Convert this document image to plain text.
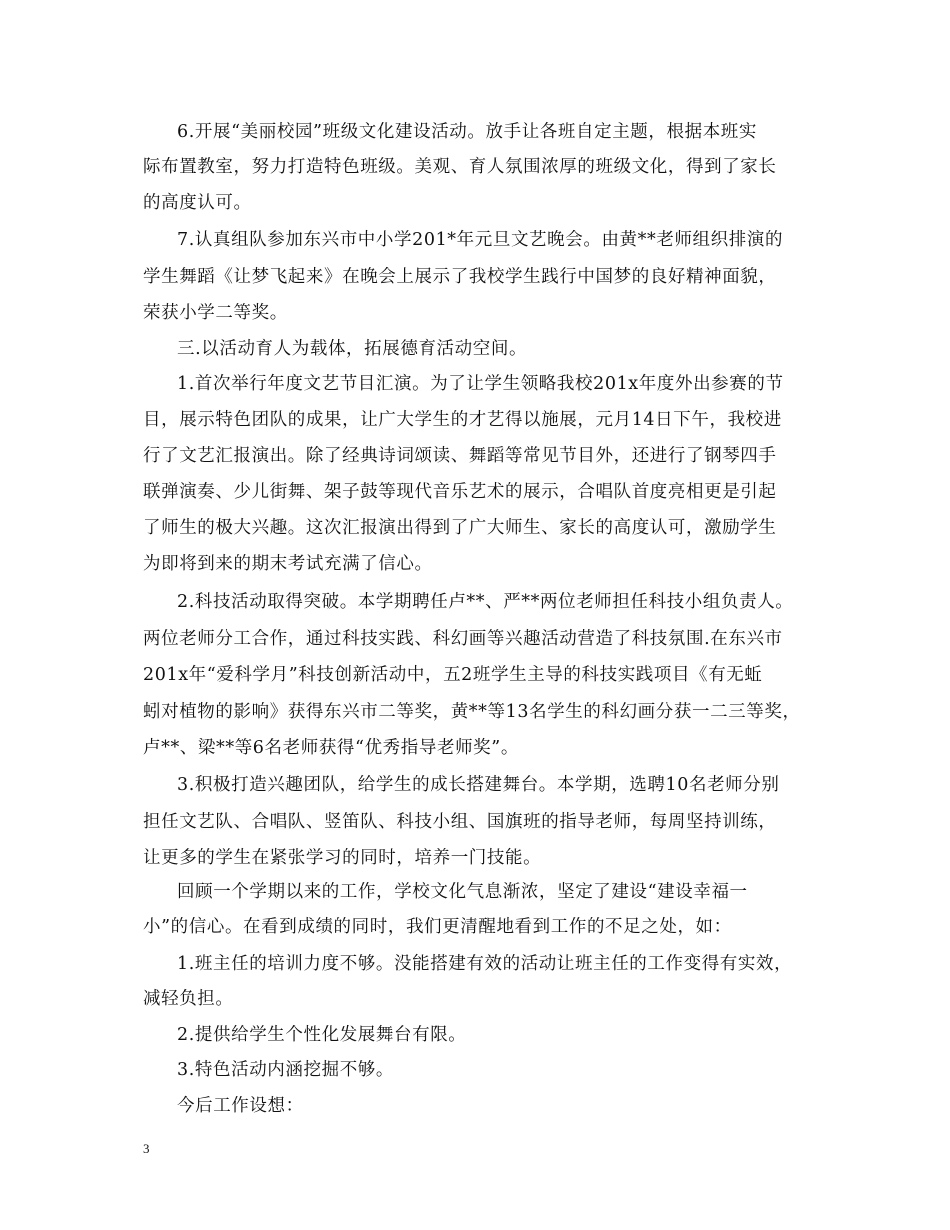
6.开展“美丽校园”班级文化建设活动。放手让各班自定主题，根据本班实
际布置教室，努力打造特色班级。美观、育人氛围浓厚的班级文化，得到了家长
的高度认可。
7.认真组队参加东兴市中小学201*年元旦文艺晚会。由黄**老师组织排演的
学生舞蹈《让梦飞起来》在晚会上展示了我校学生践行中国梦的良好精神面貌，
荣获小学二等奖。
三.以活动育人为载体，拓展德育活动空间。
1.首次举行年度文艺节目汇演。为了让学生领略我校201x年度外出参赛的节
目，展示特色团队的成果，让广大学生的才艺得以施展，元月14日下午，我校进
行了文艺汇报演出。除了经典诗词颂读、舞蹈等常见节目外，还进行了钢琴四手
联弹演奏、少儿街舞、架子鼓等现代音乐艺术的展示，合唱队首度亮相更是引起
了师生的极大兴趣。这次汇报演出得到了广大师生、家长的高度认可，激励学生
为即将到来的期末考试充满了信心。
2.科技活动取得突破。本学期聘任卢**、严**两位老师担任科技小组负责人。
两位老师分工合作，通过科技实践、科幻画等兴趣活动营造了科技氛围.在东兴市
201x年“爱科学月”科技创新活动中，五2班学生主导的科技实践项目《有无蚯
蚓对植物的影响》获得东兴市二等奖，黄**等13名学生的科幻画分获一二三等奖，
卢**、梁**等6名老师获得“优秀指导老师奖”。
3.积极打造兴趣团队，给学生的成长搭建舞台。本学期，选聘10名老师分别
担任文艺队、合唱队、竖笛队、科技小组、国旗班的指导老师，每周坚持训练，
让更多的学生在紧张学习的同时，培养一门技能。
回顾一个学期以来的工作，学校文化气息渐浓，坚定了建设“建设幸福一
小”的信心。在看到成绩的同时，我们更清醒地看到工作的不足之处，如：
1.班主任的培训力度不够。没能搭建有效的活动让班主任的工作变得有实效，
减轻负担。
2.提供给学生个性化发展舞台有限。
3.特色活动内涵挖掘不够。
今后工作设想：
3
